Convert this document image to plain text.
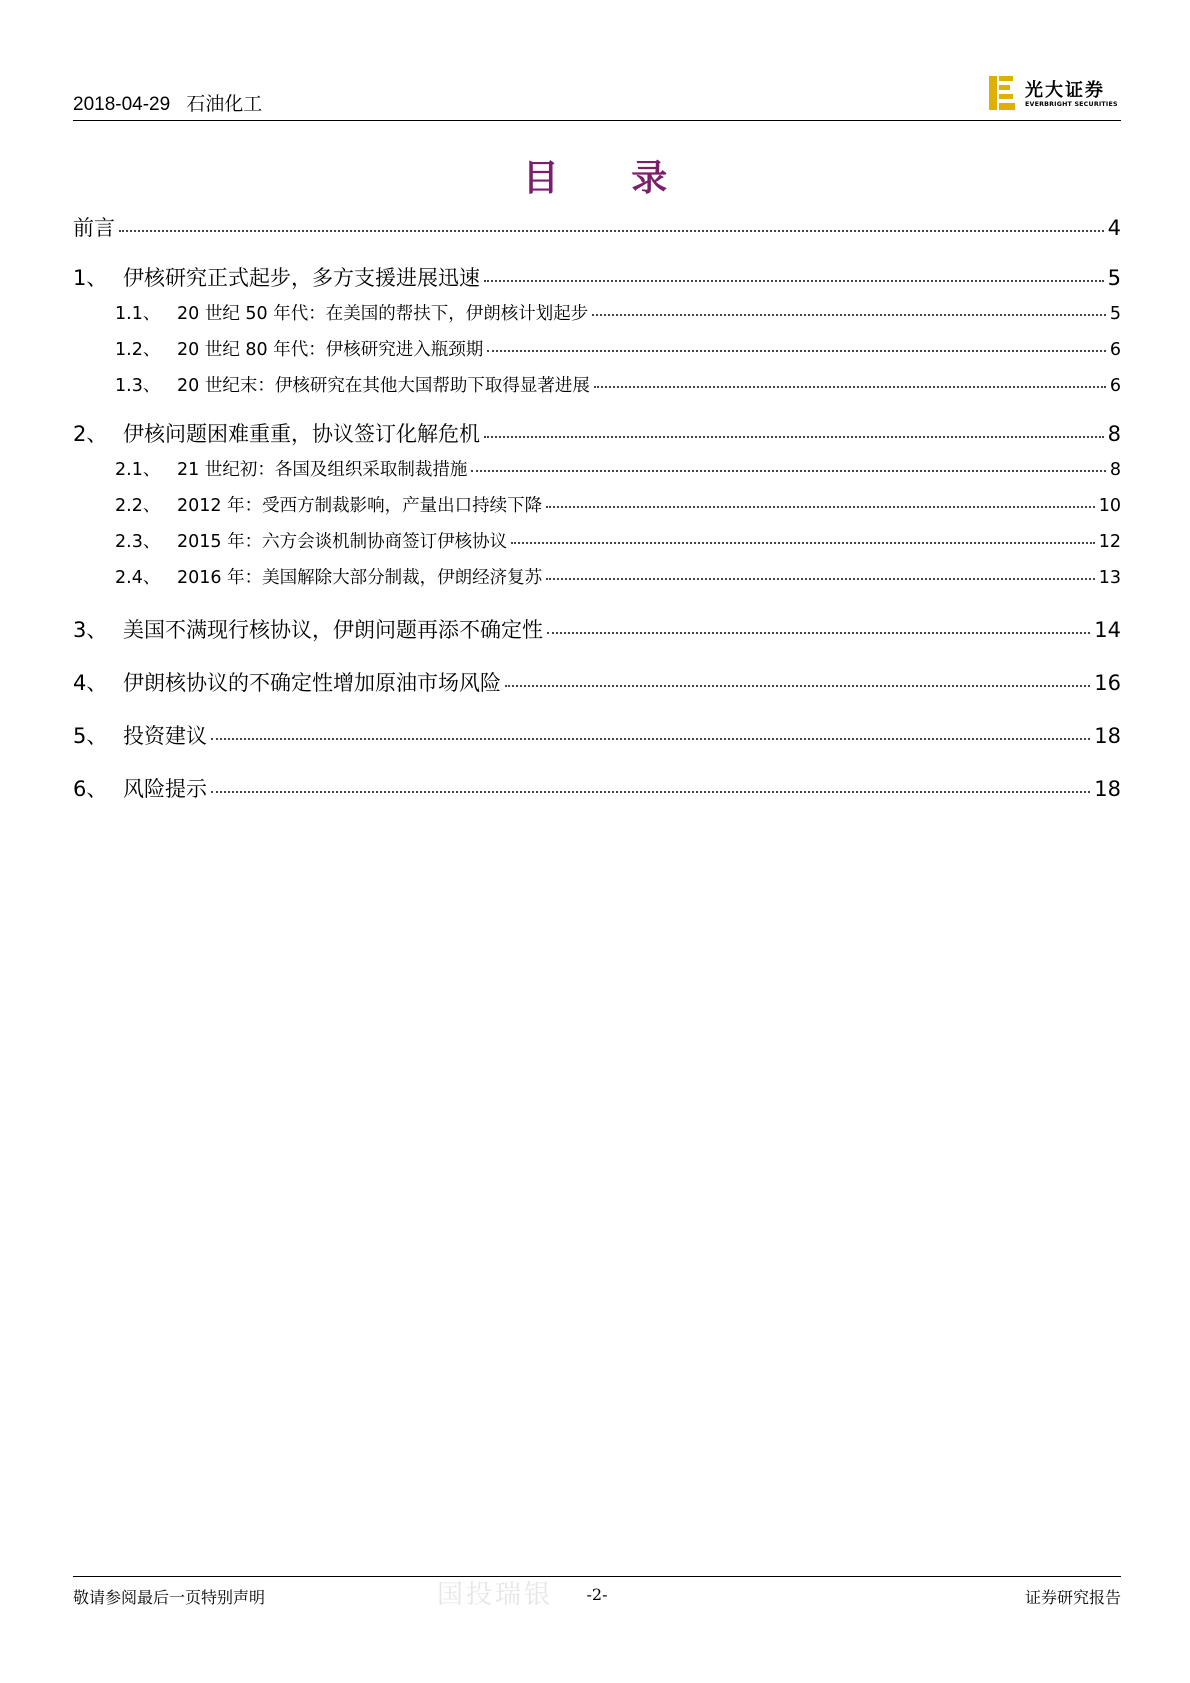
2018-04-29 石油化工
光大证券
EVERBRIGHT SECURITIES
目 录
前言	4
1、 伊核研究正式起步，多方支援进展迅速	5
1.1、 20 世纪 50 年代：在美国的帮扶下，伊朗核计划起步	5
1.2、 20 世纪 80 年代：伊核研究进入瓶颈期	6
1.3、 20 世纪末：伊核研究在其他大国帮助下取得显著进展	6
2、 伊核问题困难重重，协议签订化解危机	8
2.1、 21 世纪初：各国及组织采取制裁措施	8
2.2、 2012 年：受西方制裁影响，产量出口持续下降	10
2.3、 2015 年：六方会谈机制协商签订伊核协议	12
2.4、 2016 年：美国解除大部分制裁，伊朗经济复苏	13
3、 美国不满现行核协议，伊朗问题再添不确定性	14
4、 伊朗核协议的不确定性增加原油市场风险	16
5、 投资建议	18
6、 风险提示	18
国投瑞银
敬请参阅最后一页特别声明	-2-	证券研究报告
